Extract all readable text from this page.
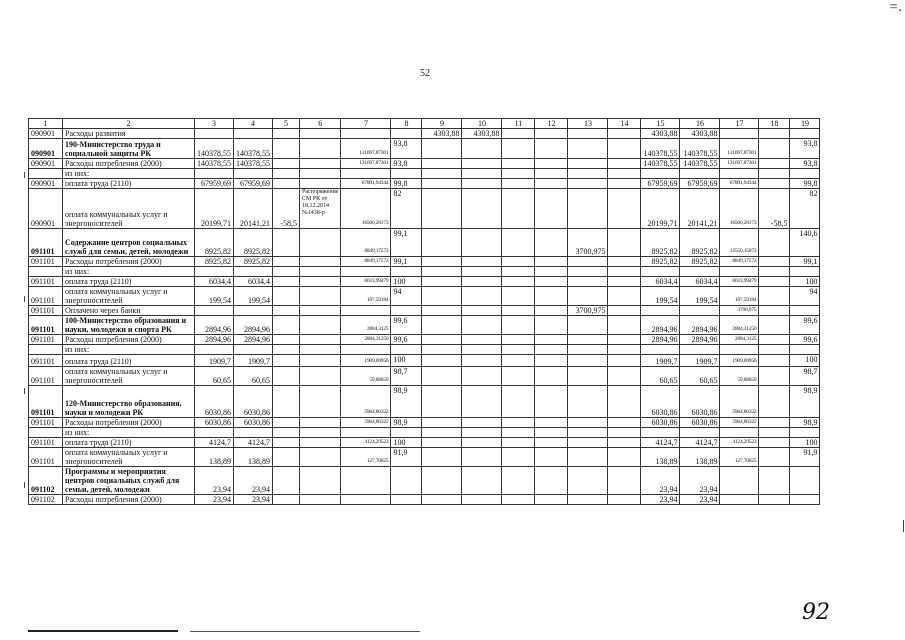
=.
52
1	2	3	4	5	6	7	8	9	10	11	12	13	14	15	16	17	18	19
090901	Расходы развития							4303,88	4303,88					4303,88	4303,88			
090901	190-Министерство труда и социальной защиты РК	140378,55	140378,55			131697,87301	93,8							140378,55	140378,55	131697,87301		93,8
090901	Расходы потребления (2000)	140378,55	140378,55			131697,87301	93,8							140378,55	140378,55	131697,87301		93,8
	из них:																	
090901	оплата труда (2110)	67959,69	67959,69			67801,94344	99,8							67959,69	67959,69	67801,94344		99,8
090901	оплата коммунальных услуг и энергоносителей	20199,71	20141,21	-58,5	Распоряжение СМ РК от 18.12.2014 №1438-р	16500,28173	82							20199,71	20141,21	16500,28173	-58,5	82
091101	Содержание центров социальных служб для семьи, детей, молодежи	8925,82	8925,82			8849,17572	99,1					3700,975		8925,82	8925,82	12550,15072		140,6
091101	Расходы потребления (2000)	8925,82	8925,82			8849,17572	99,1							8925,82	8925,82	8849,17572		99,1
	из них:																	
091101	оплата труда (2110)	6034,4	6034,4			6033,99479	100							6034,4	6034,4	6033,99479		100
091101	оплата коммунальных услуг и энергоносителей	199,54	199,54			187,59184	94							199,54	199,54	187,59184		94
091101	Оплачено через банки											3700,975				3700,975		
091101	100-Министерство образования и науки, молодежи и спорта РК	2894,96	2894,96			2884,3125	99,6							2894,96	2894,96	2884,31250		99,6
091101	Расходы потребления (2000)	2894,96	2894,96			2884,31250	99,6							2894,96	2894,96	2884,3125		99,6
	из них:																	
091101	оплата труда (2110)	1909,7	1909,7			1909,69956	100							1909,7	1909,7	1909,69956		100
091101	оплата коммунальных услуг и энергоносителей	60,65	60,65			59,88659	98,7							60,65	60,65	59,88659		98,7
091101	120-Министерство образования, науки и молодежи РК	6030,86	6030,86			5964,86322	98,9							6030,86	6030,86	5964,86322		98,9
091101	Расходы потребления (2000)	6030,86	6030,86			5964,86322	98,9							6030,86	6030,86	5964,86322		98,9
	из них:																	
091101	оплата труда (2110)	4124,7	4124,7			4124,29523	100							4124,7	4124,7	4124,29523		100
091101	оплата коммунальных услуг и энергоносителей	138,89	138,89			127,70625	91,9							138,89	138,89	127,70625		91,9
091102	Программы и мероприятия центров социальных служб для семьи, детей, молодежи	23,94	23,94											23,94	23,94			
091102	Расходы потребления (2000)	23,94	23,94											23,94	23,94			
92
